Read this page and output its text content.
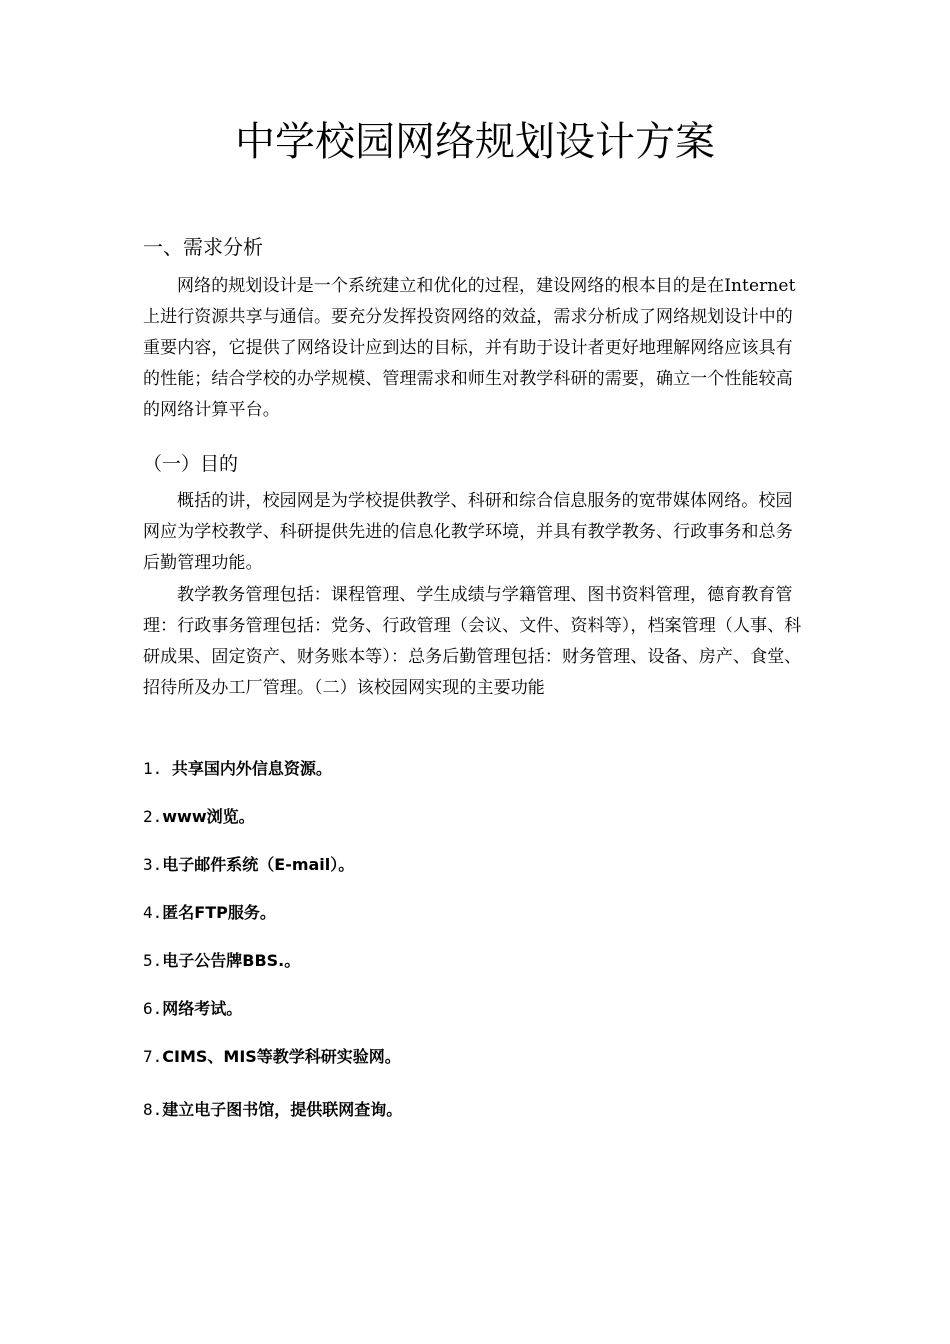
中学校园网络规划设计方案
一、需求分析

网络的规划设计是一个系统建立和优化的过程，建设网络的根本目的是在Internet上进行资源共享与通信。要充分发挥投资网络的效益，需求分析成了网络规划设计中的重要内容，它提供了网络设计应到达的目标，并有助于设计者更好地理解网络应该具有的性能；结合学校的办学规模、管理需求和师生对教学科研的需要，确立一个性能较高的网络计算平台。

（一）目的

概括的讲，校园网是为学校提供教学、科研和综合信息服务的宽带媒体网络。校园网应为学校教学、科研提供先进的信息化教学环境，并具有教学教务、行政事务和总务后勤管理功能。

教学教务管理包括：课程管理、学生成绩与学籍管理、图书资料管理，德育教育管理：行政事务管理包括：党务、行政管理（会议、文件、资料等），档案管理（人事、科研成果、固定资产、财务账本等）：总务后勤管理包括：财务管理、设备、房产、食堂、招待所及办工厂管理。（二）该校园网实现的主要功能

1. 共享国内外信息资源。

2.www浏览。

3.电子邮件系统（E-mail）。

4.匿名FTP服务。

5.电子公告牌BBS.。

6.网络考试。

7.CIMS、MIS等教学科研实验网。

8.建立电子图书馆，提供联网查询。
